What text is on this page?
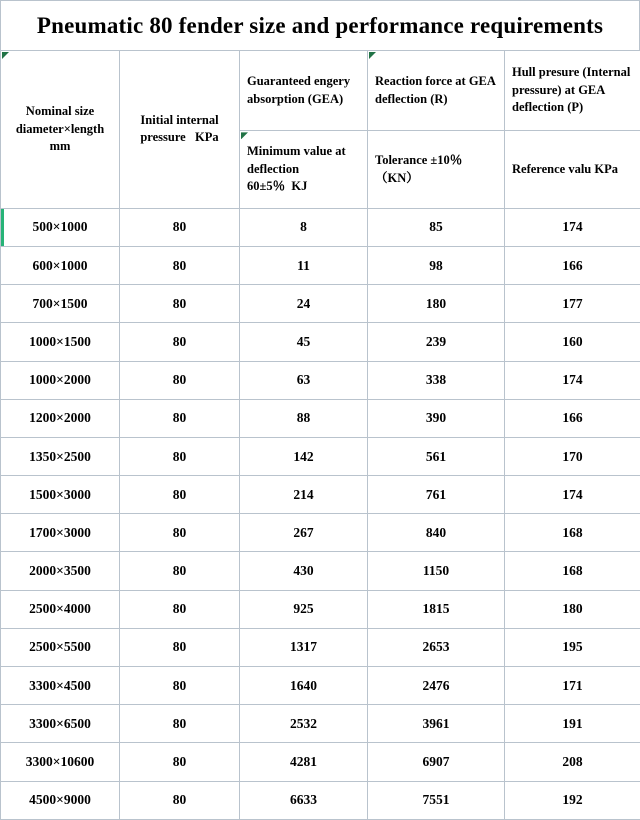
Pneumatic 80 fender size and performance requirements
Nominal size diameter×length mm	Initial internal pressure   KPa	Guaranteed engery absorption (GEA)	Reaction force at GEA deflection (R)	Hull presure (Internal pressure) at GEA deflection (P)
		Minimum value at deflection 60±5％  KJ	Tolerance ±10％ （KN）	Reference valu KPa
500×1000	80	8	85	174
600×1000	80	11	98	166
700×1500	80	24	180	177
1000×1500	80	45	239	160
1000×2000	80	63	338	174
1200×2000	80	88	390	166
1350×2500	80	142	561	170
1500×3000	80	214	761	174
1700×3000	80	267	840	168
2000×3500	80	430	1150	168
2500×4000	80	925	1815	180
2500×5500	80	1317	2653	195
3300×4500	80	1640	2476	171
3300×6500	80	2532	3961	191
3300×10600	80	4281	6907	208
4500×9000	80	6633	7551	192
